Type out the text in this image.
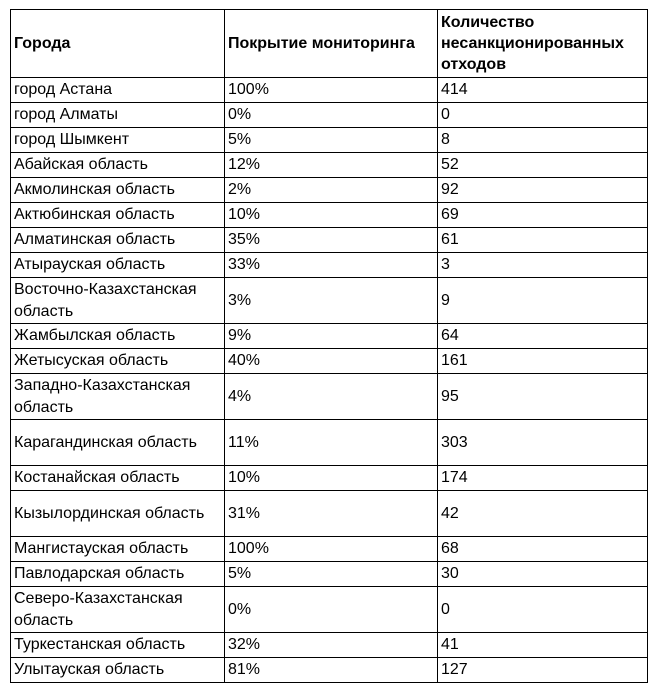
Города	Покрытие мониторинга	Количество несанкционированных отходов
город Астана	100%	414
город Алматы	0%	0
город Шымкент	5%	8
Абайская область	12%	52
Акмолинская область	2%	92
Актюбинская область	10%	69
Алматинская область	35%	61
Атырауская область	33%	3
Восточно-Казахстанская область	3%	9
Жамбылская область	9%	64
Жетысуская область	40%	161
Западно-Казахстанская область	4%	95
Карагандинская область	11%	303
Костанайская область	10%	174
Кызылординская область	31%	42
Мангистауская область	100%	68
Павлодарская область	5%	30
Северо-Казахстанская область	0%	0
Туркестанская область	32%	41
Улытауская область	81%	127
